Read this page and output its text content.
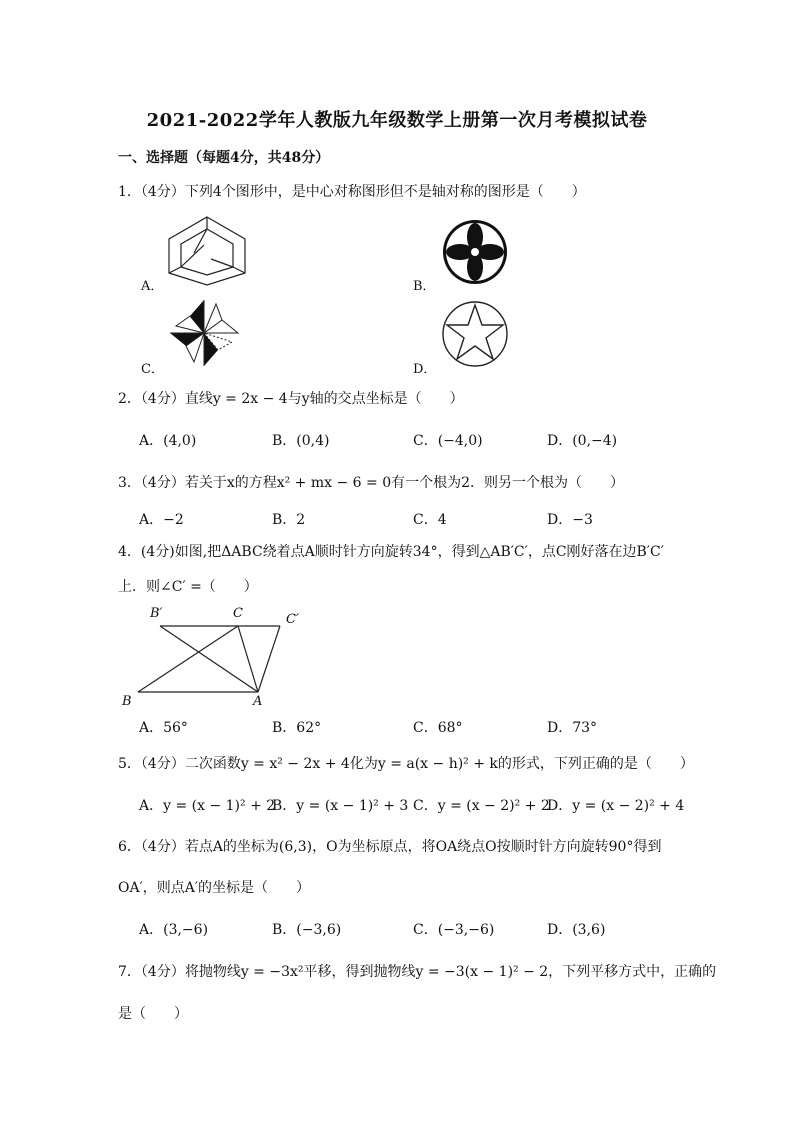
2021-2022学年人教版九年级数学上册第一次月考模拟试卷
一、选择题（每题4分，共48分）
1．（4分）下列4个图形中，是中心对称图形但不是轴对称的图形是（　　）
A．	B．
C．	D．
2．（4分）直线y = 2x − 4与y轴的交点坐标是（　　）
A．(4,0)	B．(0,4)	C．(−4,0)	D．(0,−4)
3．（4分）若关于x的方程x² + mx − 6 = 0有一个根为2．则另一个根为（　　）
A．−2	B．2	C．4	D．−3
4．(4分)如图,把ΔABC绕着点A顺时针方向旋转34°，得到△AB′C′，点C刚好落在边B′C′
上．则∠C′ =（　　）
B′	C	C′
B	A
A．56°	B．62°	C．68°	D．73°
5．（4分）二次函数y = x² − 2x + 4化为y = a(x − h)² + k的形式，下列正确的是（　　）
A．y = (x − 1)² + 2
B．y = (x − 1)² + 3 C．y = (x − 2)² + 2
D．y = (x − 2)² + 4
6．（4分）若点A的坐标为(6,3)，O为坐标原点，将OA绕点O按顺时针方向旋转90°得到
OA′，则点A′的坐标是（　　）
A．(3,−6)	B．(−3,6)	C．(−3,−6)	D．(3,6)
7．（4分）将抛物线y = −3x²平移，得到抛物线y = −3(x − 1)² − 2，下列平移方式中，正确的
是（　　）
